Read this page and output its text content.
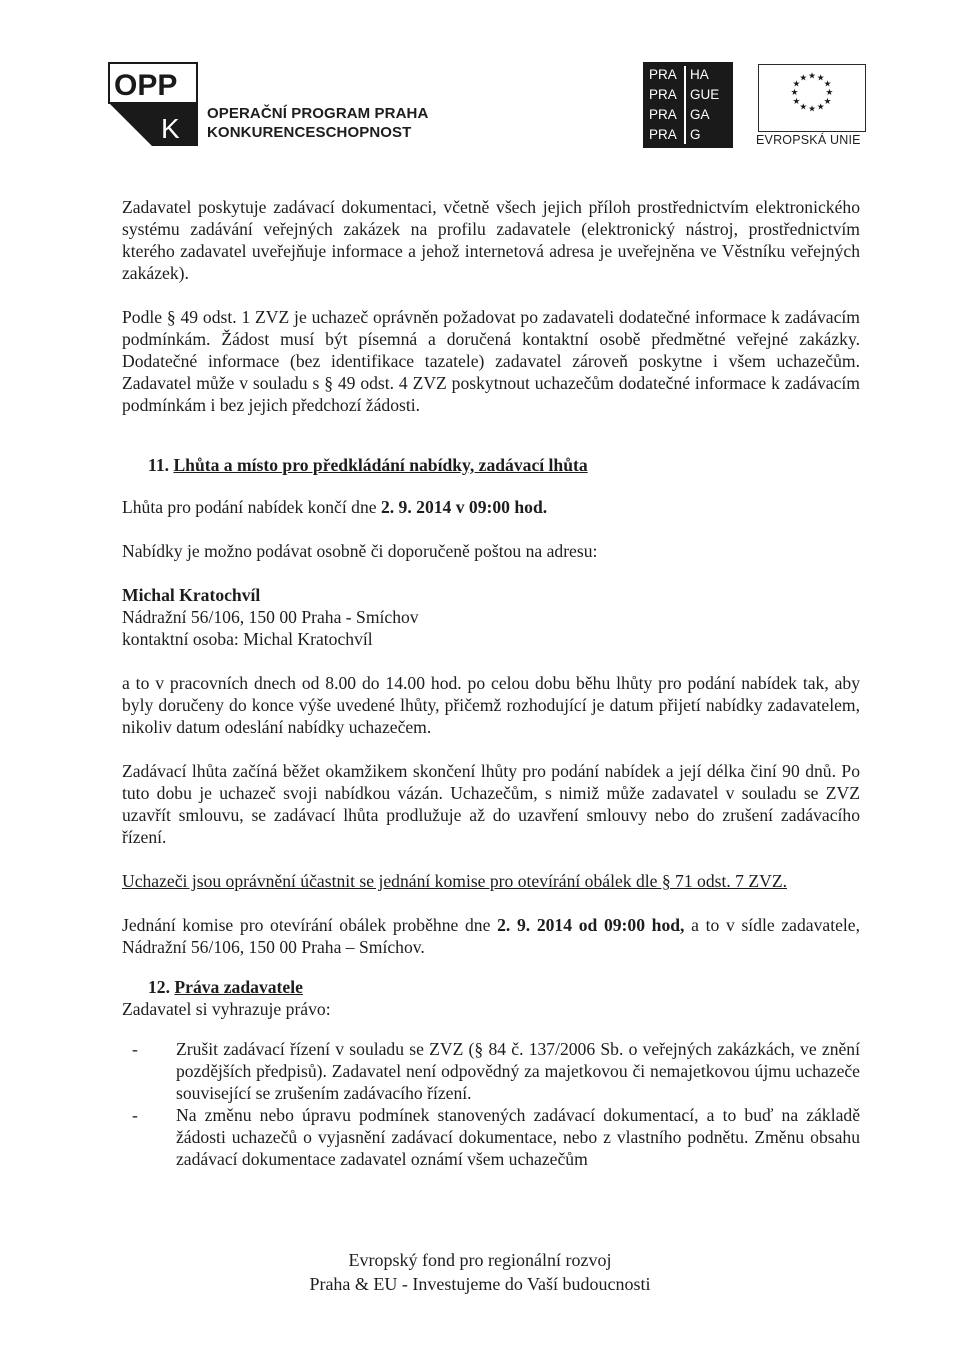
OPP
K OPERAČNÍ PROGRAM PRAHA
KONKURENCESCHOPNOST
PRA HA
PRA GUE
PRA GA
PRA G
★ ★
★
★
★
★
★
★
★
★
★
★
EVROPSKÁ UNIE

Zadavatel poskytuje zadávací dokumentaci, včetně všech jejich příloh prostřednictvím elektronického systému zadávání veřejných zakázek na profilu zadavatele (elektronický nástroj, prostřednictvím kterého zadavatel uveřejňuje informace a jehož internetová adresa je uveřejněna ve Věstníku veřejných zakázek).

Podle § 49 odst. 1 ZVZ je uchazeč oprávněn požadovat po zadavateli dodatečné informace k zadávacím podmínkám. Žádost musí být písemná a doručená kontaktní osobě předmětné veřejné zakázky. Dodatečné informace (bez identifikace tazatele) zadavatel zároveň poskytne i všem uchazečům. Zadavatel může v souladu s § 49 odst. 4 ZVZ poskytnout uchazečům dodatečné informace k zadávacím podmínkám i bez jejich předchozí žádosti.

11. Lhůta a místo pro předkládání nabídky, zadávací lhůta

Lhůta pro podání nabídek končí dne 2. 9. 2014 v 09:00 hod.

Nabídky je možno podávat osobně či doporučeně poštou na adresu:

Michal Kratochvíl

Nádražní 56/106, 150 00 Praha - Smíchov

kontaktní osoba: Michal Kratochvíl

a to v pracovních dnech od 8.00 do 14.00 hod. po celou dobu běhu lhůty pro podání nabídek tak, aby byly doručeny do konce výše uvedené lhůty, přičemž rozhodující je datum přijetí nabídky zadavatelem, nikoliv datum odeslání nabídky uchazečem.

Zadávací lhůta začíná běžet okamžikem skončení lhůty pro podání nabídek a její délka činí 90 dnů. Po tuto dobu je uchazeč svoji nabídkou vázán. Uchazečům, s nimiž může zadavatel v souladu se ZVZ uzavřít smlouvu, se zadávací lhůta prodlužuje až do uzavření smlouvy nebo do zrušení zadávacího řízení.

Uchazeči jsou oprávnění účastnit se jednání komise pro otevírání obálek dle § 71 odst. 7 ZVZ.

Jednání komise pro otevírání obálek proběhne dne 2. 9. 2014 od 09:00 hod, a to v sídle zadavatele, Nádražní 56/106, 150 00 Praha – Smíchov.

12. Práva zadavatele

Zadavatel si vyhrazuje právo:

- Zrušit zadávací řízení v souladu se ZVZ (§ 84 č. 137/2006 Sb. o veřejných zakázkách, ve znění pozdějších předpisů). Zadavatel není odpovědný za majetkovou či nemajetkovou újmu uchazeče související se zrušením zadávacího řízení.
- Na změnu nebo úpravu podmínek stanovených zadávací dokumentací, a to buď na základě žádosti uchazečů o vyjasnění zadávací dokumentace, nebo z vlastního podnětu. Změnu obsahu zadávací dokumentace zadavatel oznámí všem uchazečům
Evropský fond pro regionální rozvoj
Praha & EU - Investujeme do Vaší budoucnosti
